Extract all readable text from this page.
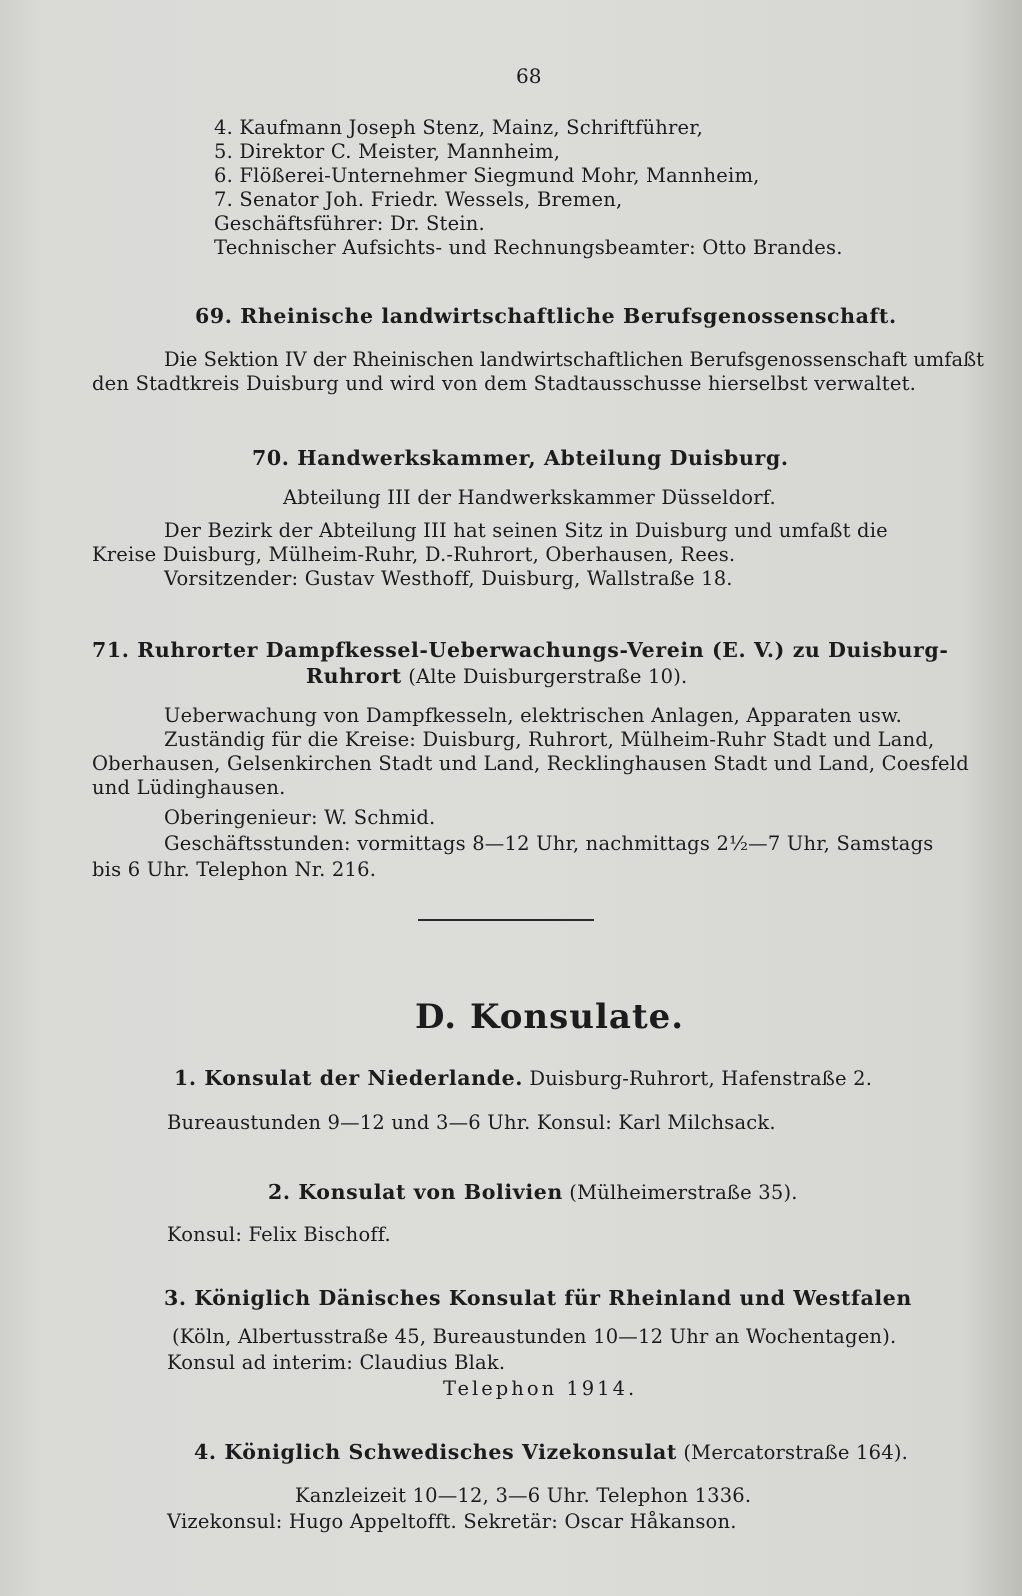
68
4. Kaufmann Joseph Stenz, Mainz, Schriftführer,
5. Direktor C. Meister, Mannheim,
6. Flößerei-Unternehmer Siegmund Mohr, Mannheim,
7. Senator Joh. Friedr. Wessels, Bremen,
Geschäftsführer: Dr. Stein.
Technischer Aufsichts- und Rechnungsbeamter: Otto Brandes.
69. Rheinische landwirtschaftliche Berufsgenossenschaft.
Die Sektion IV der Rheinischen landwirtschaftlichen Berufsgenossenschaft umfaßt
den Stadtkreis Duisburg und wird von dem Stadtausschusse hierselbst verwaltet.
70. Handwerkskammer, Abteilung Duisburg.
Abteilung III der Handwerkskammer Düsseldorf.
Der Bezirk der Abteilung III hat seinen Sitz in Duisburg und umfaßt die
Kreise Duisburg, Mülheim-Ruhr, D.-Ruhrort, Oberhausen, Rees.
Vorsitzender: Gustav Westhoff, Duisburg, Wallstraße 18.
71. Ruhrorter Dampfkessel-Ueberwachungs-Verein (E. V.) zu Duisburg-
Ruhrort (Alte Duisburgerstraße 10).
Ueberwachung von Dampfkesseln, elektrischen Anlagen, Apparaten usw.
Zuständig für die Kreise: Duisburg, Ruhrort, Mülheim-Ruhr Stadt und Land,
Oberhausen, Gelsenkirchen Stadt und Land, Recklinghausen Stadt und Land, Coesfeld
und Lüdinghausen.
Oberingenieur: W. Schmid.
Geschäftsstunden: vormittags 8—12 Uhr, nachmittags 2½—7 Uhr, Samstags
bis 6 Uhr. Telephon Nr. 216.
D. Konsulate.
1. Konsulat der Niederlande. Duisburg-Ruhrort, Hafenstraße 2.
Bureaustunden 9—12 und 3—6 Uhr. Konsul: Karl Milchsack.
2. Konsulat von Bolivien (Mülheimerstraße 35).
Konsul: Felix Bischoff.
3. Königlich Dänisches Konsulat für Rheinland und Westfalen
(Köln, Albertusstraße 45, Bureaustunden 10—12 Uhr an Wochentagen).
Konsul ad interim: Claudius Blak.
Telephon 1914.
4. Königlich Schwedisches Vizekonsulat (Mercatorstraße 164).
Kanzleizeit 10—12, 3—6 Uhr. Telephon 1336.
Vizekonsul: Hugo Appeltofft. Sekretär: Oscar Håkanson.
